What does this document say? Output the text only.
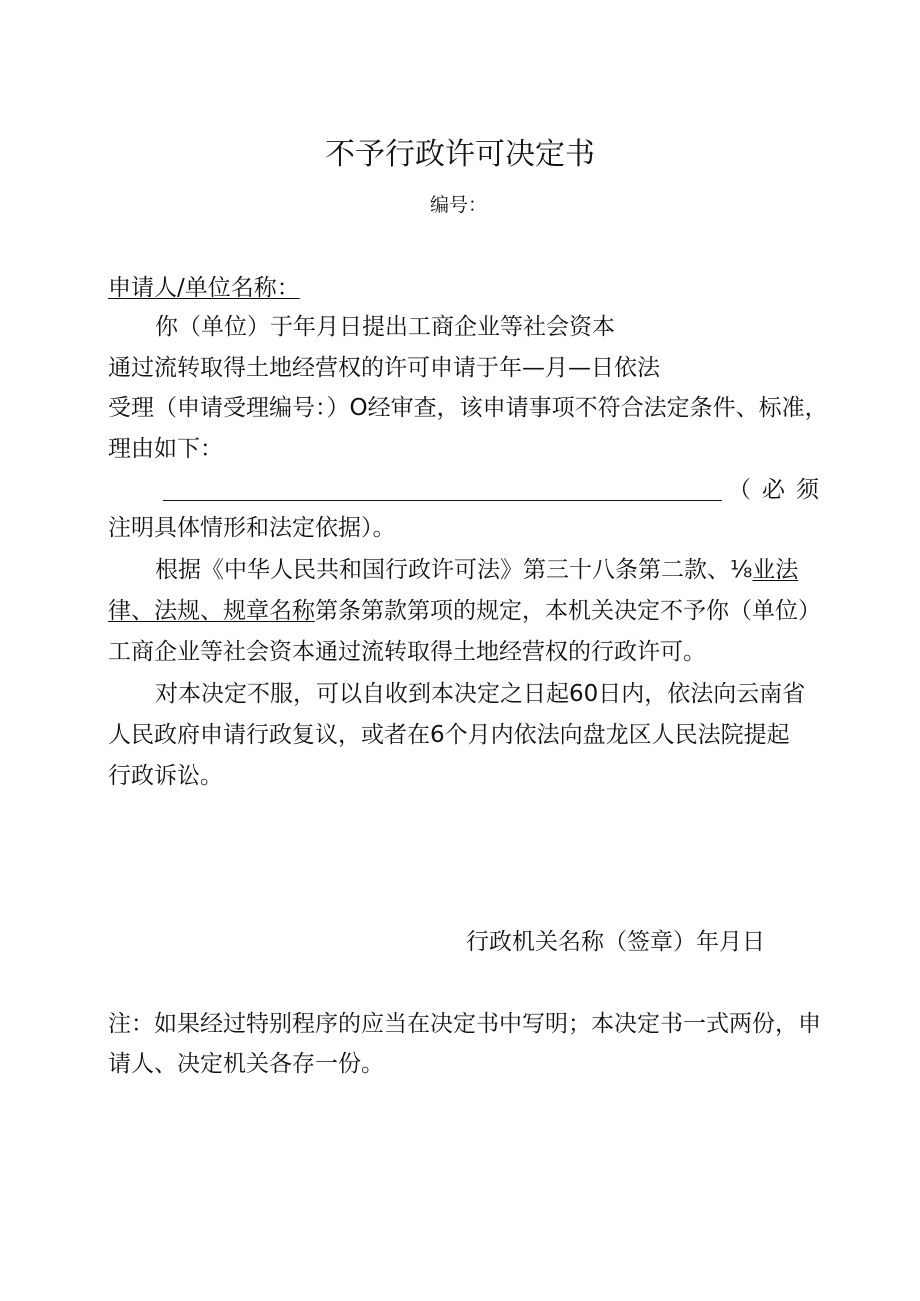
不予行政许可决定书
编号：
申请人/单位名称：
你（单位）于年月日提出工商企业等社会资本
通过流转取得土地经营权的许可申请于年—月—日依法
受理（申请受理编号：）O经审查，该申请事项不符合法定条件、标准，
理由如下：
（必须
注明具体情形和法定依据）。
根据《中华人民共和国行政许可法》第三十八条第二款、⅛业法
律、法规、规章名称第条第款第项的规定，本机关决定不予你（单位）
工商企业等社会资本通过流转取得土地经营权的行政许可。
对本决定不服，可以自收到本决定之日起60日内，依法向云南省
人民政府申请行政复议，或者在6个月内依法向盘龙区人民法院提起
行政诉讼。
行政机关名称（签章）年月日
注：如果经过特别程序的应当在决定书中写明；本决定书一式两份，申
请人、决定机关各存一份。
